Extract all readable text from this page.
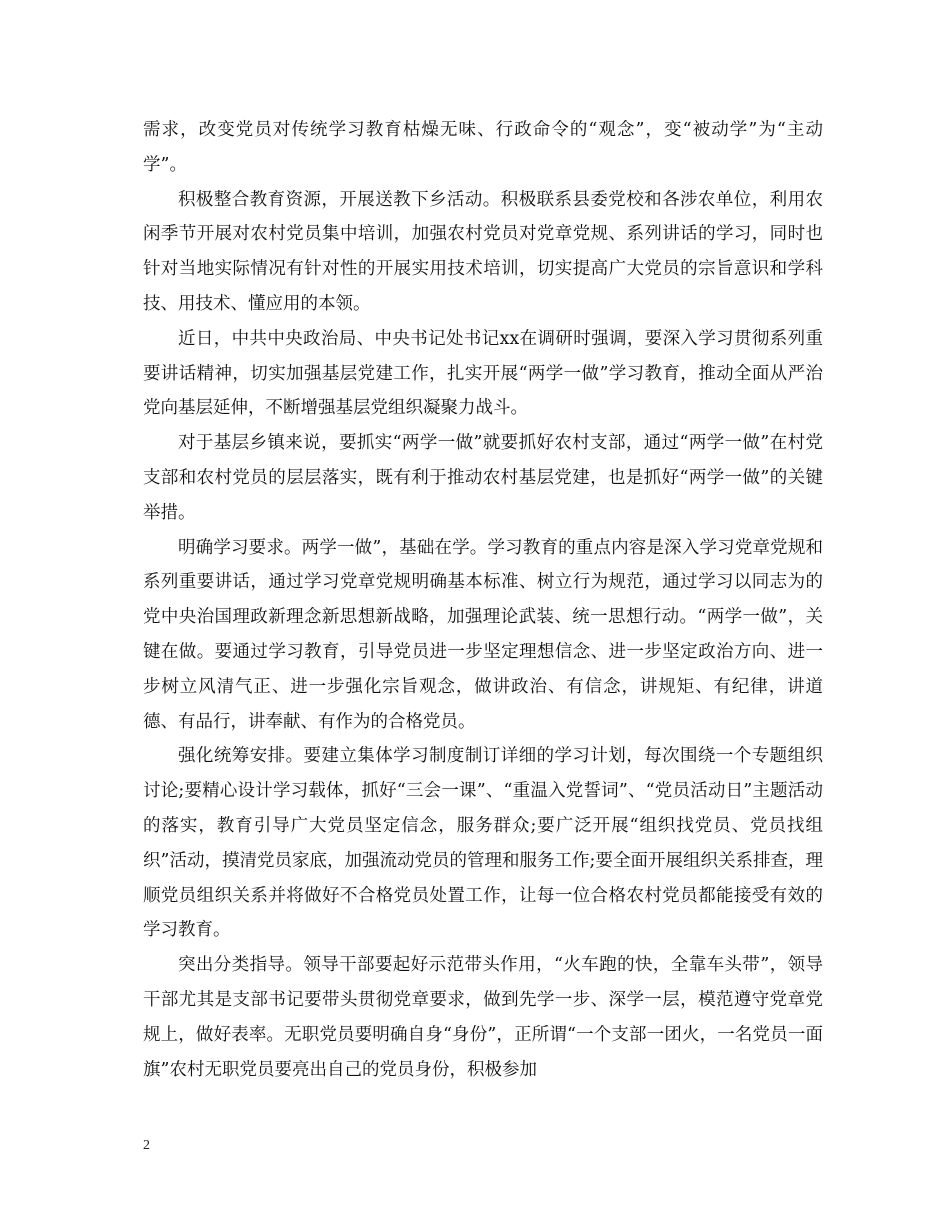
需求，改变党员对传统学习教育枯燥无味、行政命令的“观念”，变“被动学”为“主动学”。

积极整合教育资源，开展送教下乡活动。积极联系县委党校和各涉农单位，利用农闲季节开展对农村党员集中培训，加强农村党员对党章党规、系列讲话的学习，同时也针对当地实际情况有针对性的开展实用技术培训，切实提高广大党员的宗旨意识和学科技、用技术、懂应用的本领。

近日，中共中央政治局、中央书记处书记xx在调研时强调，要深入学习贯彻系列重要讲话精神，切实加强基层党建工作，扎实开展“两学一做”学习教育，推动全面从严治党向基层延伸，不断增强基层党组织凝聚力战斗。

对于基层乡镇来说，要抓实“两学一做”就要抓好农村支部，通过“两学一做”在村党支部和农村党员的层层落实，既有利于推动农村基层党建，也是抓好“两学一做”的关键举措。

明确学习要求。两学一做”，基础在学。学习教育的重点内容是深入学习党章党规和系列重要讲话，通过学习党章党规明确基本标准、树立行为规范，通过学习以同志为的党中央治国理政新理念新思想新战略，加强理论武装、统一思想行动。“两学一做”，关键在做。要通过学习教育，引导党员进一步坚定理想信念、进一步坚定政治方向、进一步树立风清气正、进一步强化宗旨观念，做讲政治、有信念，讲规矩、有纪律，讲道德、有品行，讲奉献、有作为的合格党员。

强化统筹安排。要建立集体学习制度制订详细的学习计划，每次围绕一个专题组织讨论;要精心设计学习载体，抓好“三会一课”、“重温入党誓词”、“党员活动日”主题活动的落实，教育引导广大党员坚定信念，服务群众;要广泛开展“组织找党员、党员找组织”活动，摸清党员家底，加强流动党员的管理和服务工作;要全面开展组织关系排查，理顺党员组织关系并将做好不合格党员处置工作，让每一位合格农村党员都能接受有效的学习教育。

突出分类指导。领导干部要起好示范带头作用，“火车跑的快，全靠车头带”，领导干部尤其是支部书记要带头贯彻党章要求，做到先学一步、深学一层，模范遵守党章党规上，做好表率。无职党员要明确自身“身份”，正所谓“一个支部一团火，一名党员一面旗”农村无职党员要亮出自己的党员身份，积极参加

2
